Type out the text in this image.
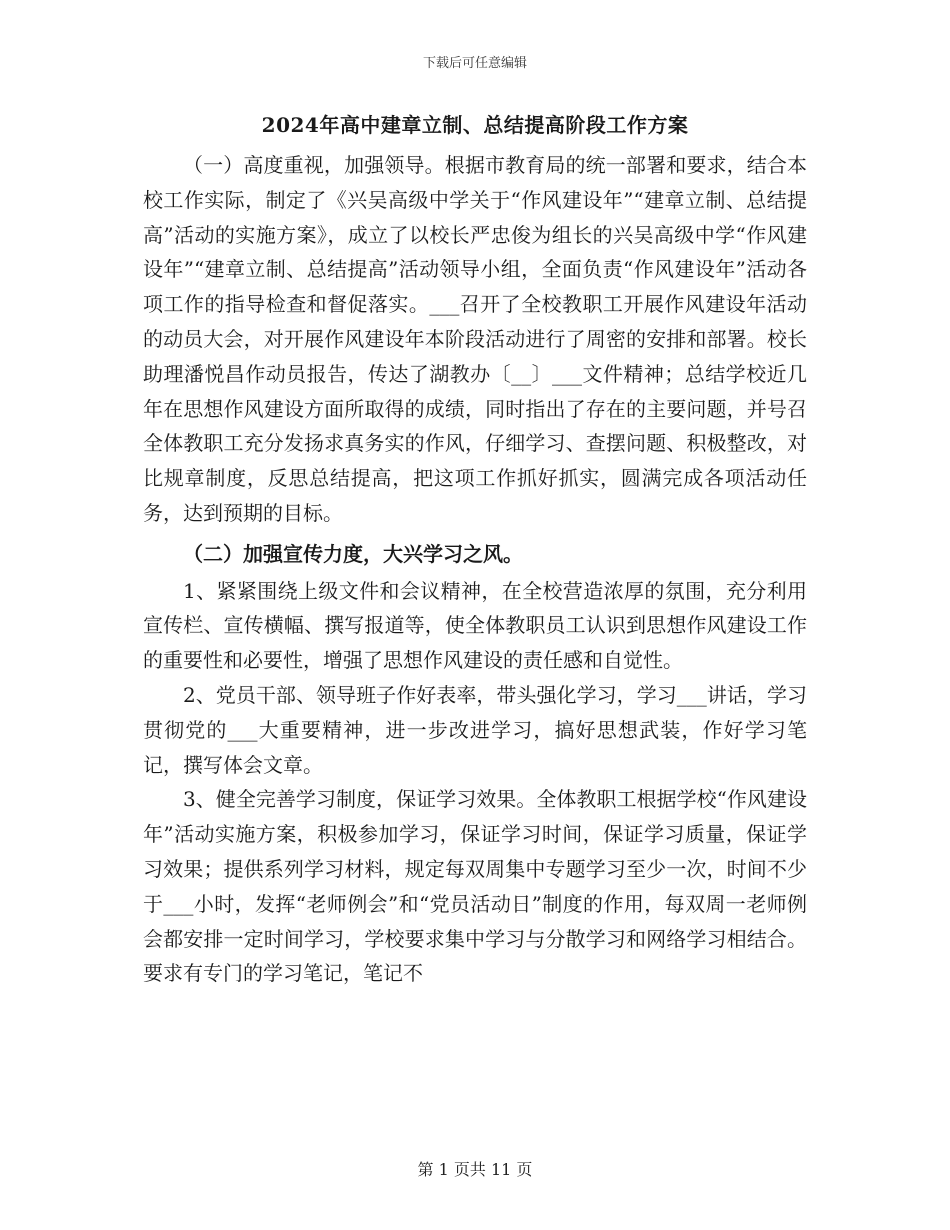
下载后可任意编辑
2024年高中建章立制、总结提高阶段工作方案

（一）高度重视，加强领导。根据市教育局的统一部署和要求，结合本校工作实际，制定了《兴吴高级中学关于“作风建设年”“建章立制、总结提高”活动的实施方案》，成立了以校长严忠俊为组长的兴吴高级中学“作风建设年”“建章立制、总结提高”活动领导小组，全面负责“作风建设年”活动各项工作的指导检查和督促落实。___召开了全校教职工开展作风建设年活动的动员大会，对开展作风建设年本阶段活动进行了周密的安排和部署。校长助理潘悦昌作动员报告，传达了湖教办〔__〕___文件精神；总结学校近几年在思想作风建设方面所取得的成绩，同时指出了存在的主要问题，并号召全体教职工充分发扬求真务实的作风，仔细学习、查摆问题、积极整改，对比规章制度，反思总结提高，把这项工作抓好抓实，圆满完成各项活动任务，达到预期的目标。

（二）加强宣传力度，大兴学习之风。

1、紧紧围绕上级文件和会议精神，在全校营造浓厚的氛围，充分利用宣传栏、宣传横幅、撰写报道等，使全体教职员工认识到思想作风建设工作的重要性和必要性，增强了思想作风建设的责任感和自觉性。

2、党员干部、领导班子作好表率，带头强化学习，学习___讲话，学习贯彻党的___大重要精神，进一步改进学习，搞好思想武装，作好学习笔记，撰写体会文章。

3、健全完善学习制度，保证学习效果。全体教职工根据学校“作风建设年”活动实施方案，积极参加学习，保证学习时间，保证学习质量，保证学习效果；提供系列学习材料，规定每双周集中专题学习至少一次，时间不少于___小时，发挥“老师例会”和“党员活动日”制度的作用，每双周一老师例会都安排一定时间学习，学校要求集中学习与分散学习和网络学习相结合。要求有专门的学习笔记，笔记不

第 1 页共 11 页
